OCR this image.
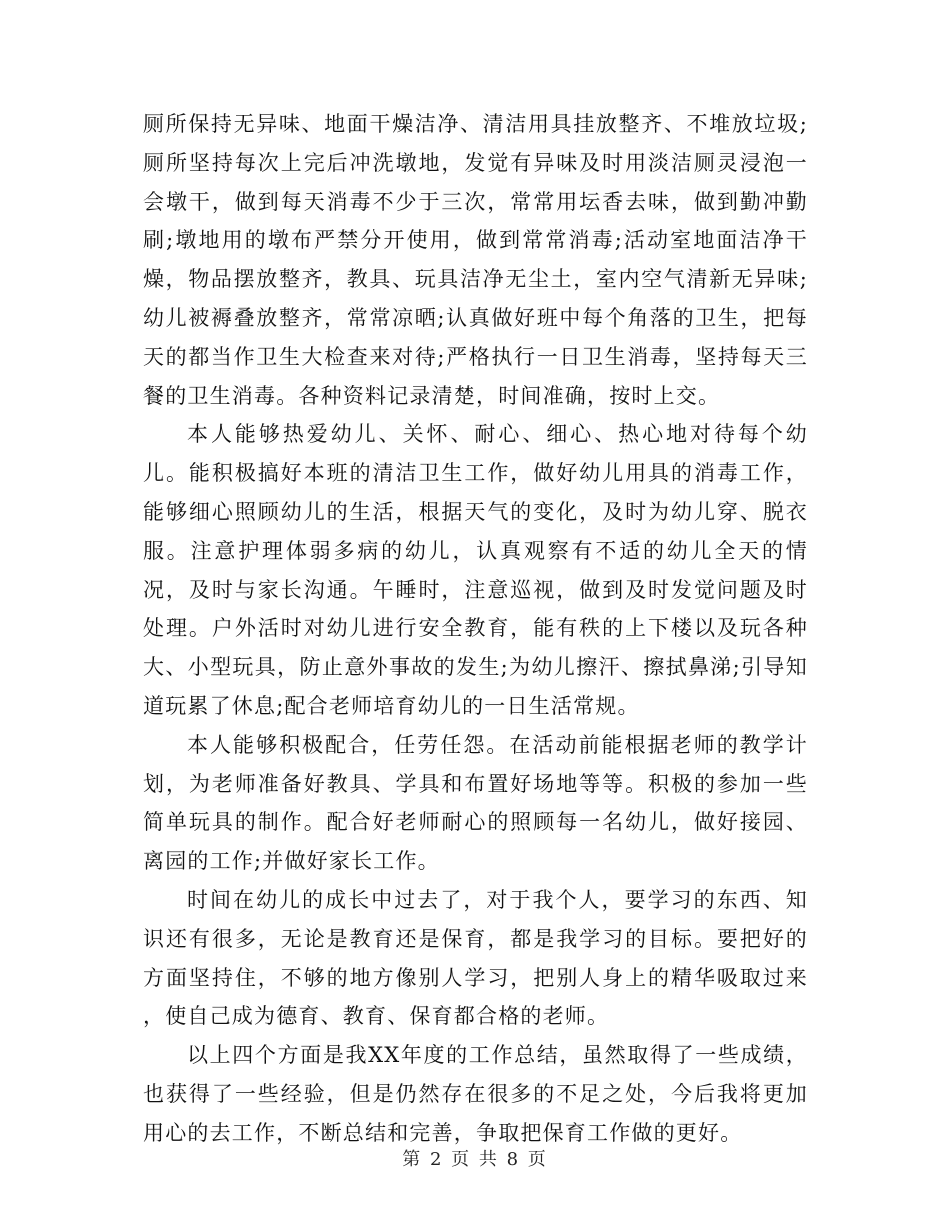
厕所保持无异味、地面干燥洁净、清洁用具挂放整齐、不堆放垃圾;厕所坚持每次上完后冲洗墩地，发觉有异味及时用淡洁厕灵浸泡一会墩干，做到每天消毒不少于三次，常常用坛香去味，做到勤冲勤刷;墩地用的墩布严禁分开使用，做到常常消毒;活动室地面洁净干燥，物品摆放整齐，教具、玩具洁净无尘土，室内空气清新无异味;幼儿被褥叠放整齐，常常凉晒;认真做好班中每个角落的卫生，把每天的都当作卫生大检查来对待;严格执行一日卫生消毒，坚持每天三餐的卫生消毒。各种资料记录清楚，时间准确，按时上交。

本人能够热爱幼儿、关怀、耐心、细心、热心地对待每个幼儿。能积极搞好本班的清洁卫生工作，做好幼儿用具的消毒工作，能够细心照顾幼儿的生活，根据天气的变化，及时为幼儿穿、脱衣服。注意护理体弱多病的幼儿，认真观察有不适的幼儿全天的情况，及时与家长沟通。午睡时，注意巡视，做到及时发觉问题及时处理。户外活时对幼儿进行安全教育，能有秩的上下楼以及玩各种大、小型玩具，防止意外事故的发生;为幼儿擦汗、擦拭鼻涕;引导知道玩累了休息;配合老师培育幼儿的一日生活常规。

本人能够积极配合，任劳任怨。在活动前能根据老师的教学计划，为老师准备好教具、学具和布置好场地等等。积极的参加一些简单玩具的制作。配合好老师耐心的照顾每一名幼儿，做好接园、离园的工作;并做好家长工作。

时间在幼儿的成长中过去了，对于我个人，要学习的东西、知识还有很多，无论是教育还是保育，都是我学习的目标。要把好的方面坚持住，不够的地方像别人学习，把别人身上的精华吸取过来 ，使自己成为德育、教育、保育都合格的老师。

以上四个方面是我XX年度的工作总结，虽然取得了一些成绩，也获得了一些经验，但是仍然存在很多的不足之处，今后我将更加用心的去工作，不断总结和完善，争取把保育工作做的更好。

第 2 页 共 8 页
